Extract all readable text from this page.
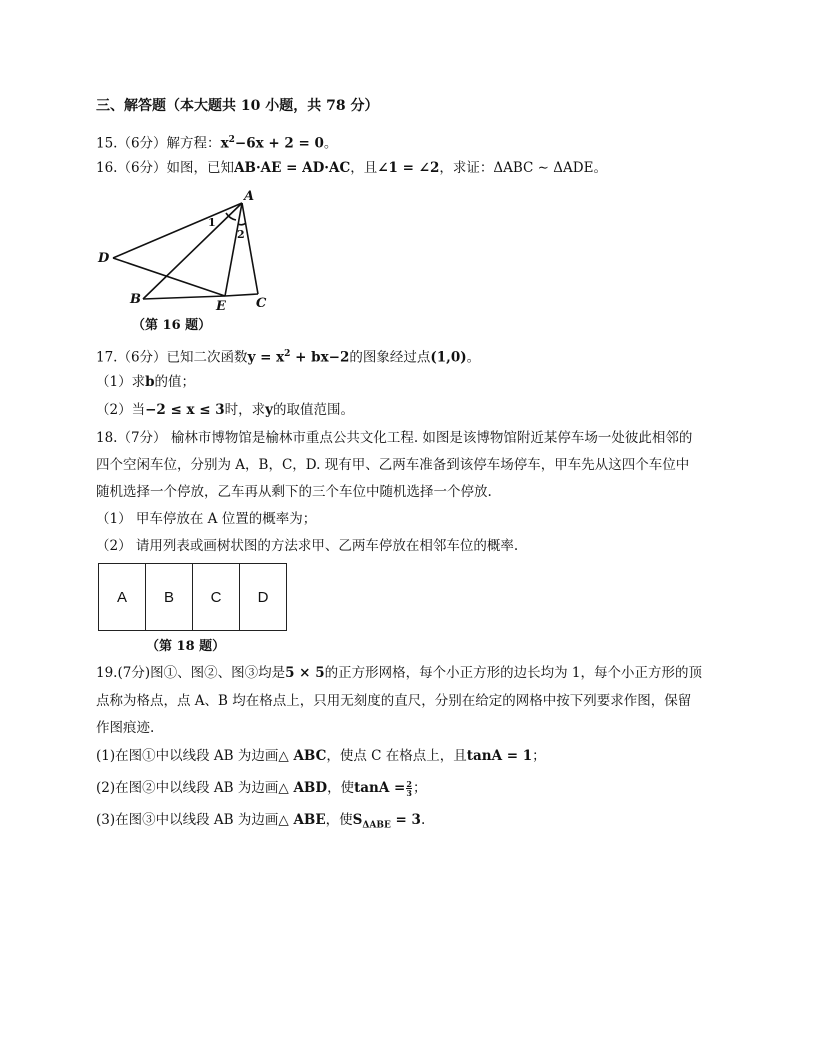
三、解答题（本大题共 10 小题，共 78 分）
15.（6分）解方程：$x^2-6x + 2 = 0$。
16.（6分）如图，已知AB·AE = AD·AC，且∠1 = ∠2，求证：ΔABC ∼ ΔADE。
A
D
B	E C
1
2
（第 16 题）
17.（6分）已知二次函数$y = x^2 + bx-2$的图象经过点(1,0)。
（1）求b的值；
（2）当−2 ≤ x ≤ 3时，求y的取值范围。
18.（7分） 榆林市博物馆是榆林市重点公共文化工程. 如图是该博物馆附近某停车场一处彼此相邻的
四个空闲车位，分别为 A，B，C，D. 现有甲、乙两车准备到该停车场停车，甲车先从这四个车位中
随机选择一个停放，乙车再从剩下的三个车位中随机选择一个停放.
（1） 甲车停放在 A 位置的概率为；
（2） 请用列表或画树状图的方法求甲、乙两车停放在相邻车位的概率.
A	B	C	D
（第 18 题）
19.(7分)图①、图②、图③均是5 × 5的正方形网格，每个小正方形的边长均为 1，每个小正方形的顶
点称为格点，点 A、B 均在格点上，只用无刻度的直尺，分别在给定的网格中按下列要求作图，保留
作图痕迹.
(1)在图①中以线段 AB 为边画△ ABC，使点 C 在格点上，且tanA = 1；
(2)在图②中以线段 AB 为边画△ ABD，使$\tan A = \frac{2}{3}$ ；
(3)在图③中以线段 AB 为边画△ ABE，使$S_{\Delta ABE} = 3$.
